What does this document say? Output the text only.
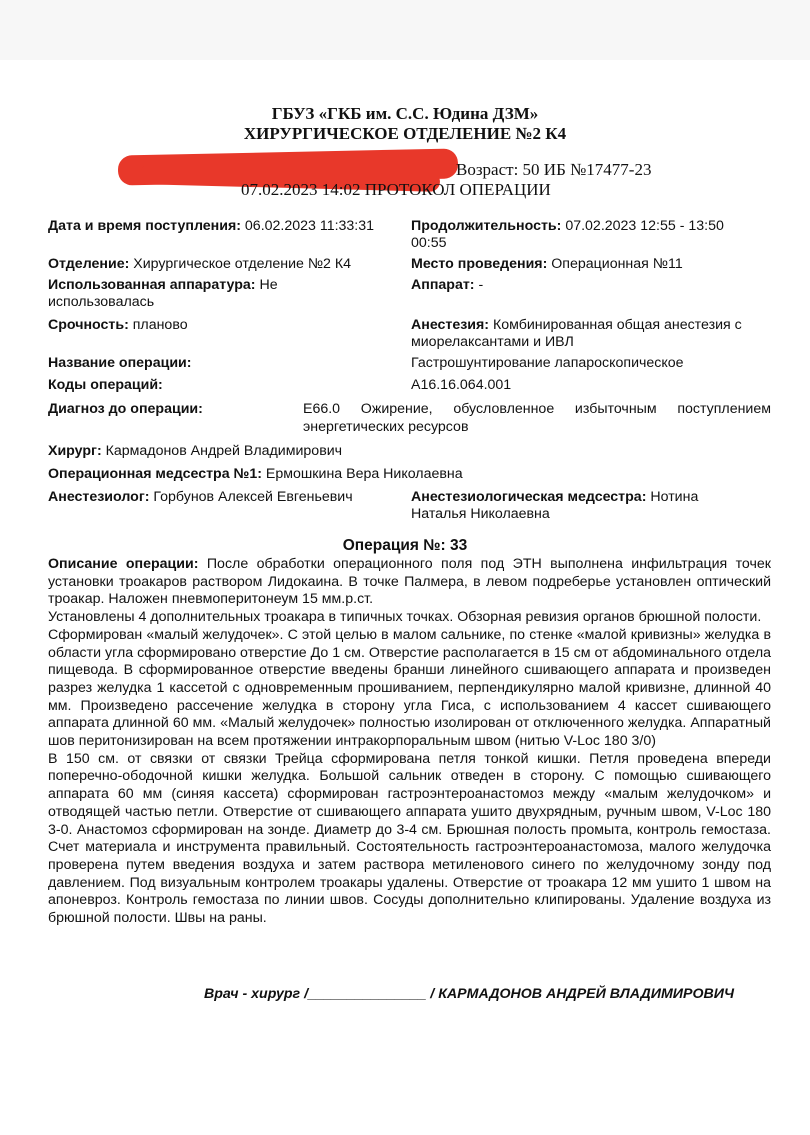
ГБУЗ «ГКБ им. С.С. Юдина ДЗМ»
ХИРУРГИЧЕСКОЕ ОТДЕЛЕНИЕ №2 К4
Возраст: 50 ИБ №17477-23
07.02.2023 14:02 ПРОТОКОЛ ОПЕРАЦИИ
Дата и время поступления: 06.02.2023 11:33:31	Продолжительность: 07.02.2023 12:55 - 13:50
00:55
Отделение: Хирургическое отделение №2 К4	Место проведения: Операционная №11
Использованная аппаратура: Не
использовалась
Аппарат: -
Срочность: планово	Анестезия: Комбинированная общая анестезия с
миорелаксантами и ИВЛ
Название операции:	Гастрошунтирование лапароскопическое
Коды операций:	А16.16.064.001
Диагноз до операции:	Е66.0 Ожирение, обусловленное избыточным поступлением энергетических ресурсов
Хирург: Кармадонов Андрей Владимирович
Операционная медсестра №1: Ермошкина Вера Николаевна
Анестезиолог: Горбунов Алексей Евгеньевич	Анестезиологическая медсестра: Нотина
Наталья Николаевна
Операция №: 33

Описание операции: После обработки операционного поля под ЭТН выполнена инфильтрация точек установки троакаров раствором Лидокаина. В точке Палмера, в левом подреберье установлен оптический троакар. Наложен пневмоперитонеум 15 мм.р.ст.

Установлены 4 дополнительных троакара в типичных точках. Обзорная ревизия органов брюшной полости.

Сформирован «малый желудочек». С этой целью в малом сальнике, по стенке «малой кривизны» желудка в области угла сформировано отверстие До 1 см. Отверстие располагается в 15 см от абдоминального отдела пищевода. В сформированное отверстие введены бранши линейного сшивающего аппарата и произведен разрез желудка 1 кассетой с одновременным прошиванием, перпендикулярно малой кривизне, длинной 40 мм. Произведено рассечение желудка в сторону угла Гиса, с использованием 4 кассет сшивающего аппарата длинной 60 мм. «Малый желудочек» полностью изолирован от отключенного желудка. Аппаратный шов перитонизирован на всем протяжении интракорпоральным швом (нитью V-Loc 180 3/0)

В 150 см. от связки от связки Трейца сформирована петля тонкой кишки. Петля проведена впереди поперечно-ободочной кишки желудка. Большой сальник отведен в сторону. С помощью сшивающего аппарата 60 мм (синяя кассета) сформирован гастроэнтероанастомоз между «малым желудочком» и отводящей частью петли. Отверстие от сшивающего аппарата ушито двухрядным, ручным швом, V-Loc 180 3-0. Анастомоз сформирован на зонде. Диаметр до 3-4 см. Брюшная полость промыта, контроль гемостаза. Счет материала и инструмента правильный. Состоятельность гастроэнтероанастомоза, малого желудочка проверена путем введения воздуха и затем раствора метиленового синего по желудочному зонду под давлением. Под визуальным контролем троакары удалены. Отверстие от троакара 12 мм ушито 1 швом на апоневроз. Контроль гемостаза по линии швов. Сосуды дополнительно клипированы. Удаление воздуха из брюшной полости. Швы на раны.

Врач - хирург /_______________ / КАРМАДОНОВ АНДРЕЙ ВЛАДИМИРОВИЧ
